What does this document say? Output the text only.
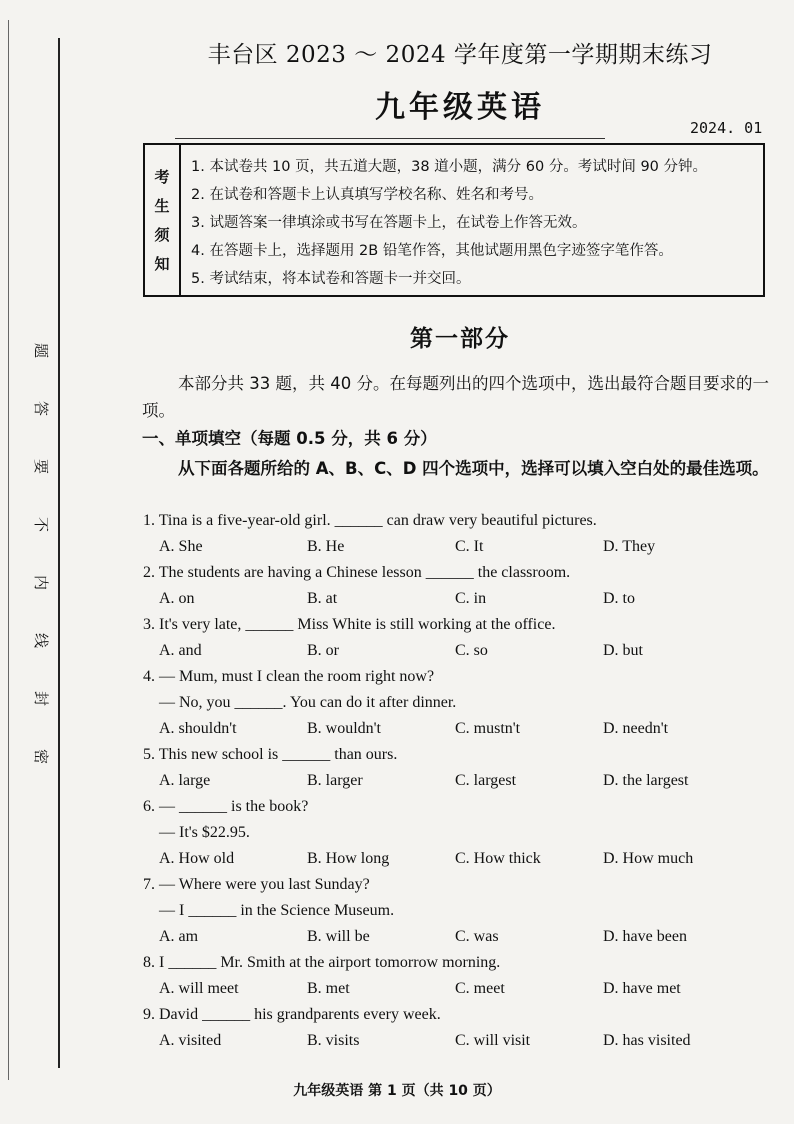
题
答
要
不
内
线
封
密
丰台区 2023 ～ 2024 学年度第一学期期末练习
九年级英语
2024. 01
考
生
须
知
1. 本试卷共 10 页，共五道大题，38 道小题，满分 60 分。考试时间 90 分钟。
2. 在试卷和答题卡上认真填写学校名称、姓名和考号。
3. 试题答案一律填涂或书写在答题卡上，在试卷上作答无效。
4. 在答题卡上，选择题用 2B 铅笔作答，其他试题用黑色字迹签字笔作答。
5. 考试结束，将本试卷和答题卡一并交回。
第一部分
本部分共 33 题，共 40 分。在每题列出的四个选项中，选出最符合题目要求的一项。
一、单项填空（每题 0.5 分，共 6 分）
从下面各题所给的 A、B、C、D 四个选项中，选择可以填入空白处的最佳选项。
1. Tina is a five-year-old girl. ______ can draw very beautiful pictures.
A. She	B. He	C. It	D. They
2. The students are having a Chinese lesson ______ the classroom.
A. on	B. at	C. in	D. to
3. It's very late, ______ Miss White is still working at the office.
A. and	B. or	C. so	D. but
4. — Mum, must I clean the room right now?
— No, you ______. You can do it after dinner.
A. shouldn't	B. wouldn't	C. mustn't	D. needn't
5. This new school is ______ than ours.
A. large	B. larger	C. largest	D. the largest
6. — ______ is the book?
— It's $22.95.
A. How old	B. How long	C. How thick	D. How much
7. — Where were you last Sunday?
— I ______ in the Science Museum.
A. am	B. will be	C. was	D. have been
8. I ______ Mr. Smith at the airport tomorrow morning.
A. will meet	B. met	C. meet	D. have met
9. David ______ his grandparents every week.
A. visited	B. visits	C. will visit	D. has visited
九年级英语 第 1 页（共 10 页）
